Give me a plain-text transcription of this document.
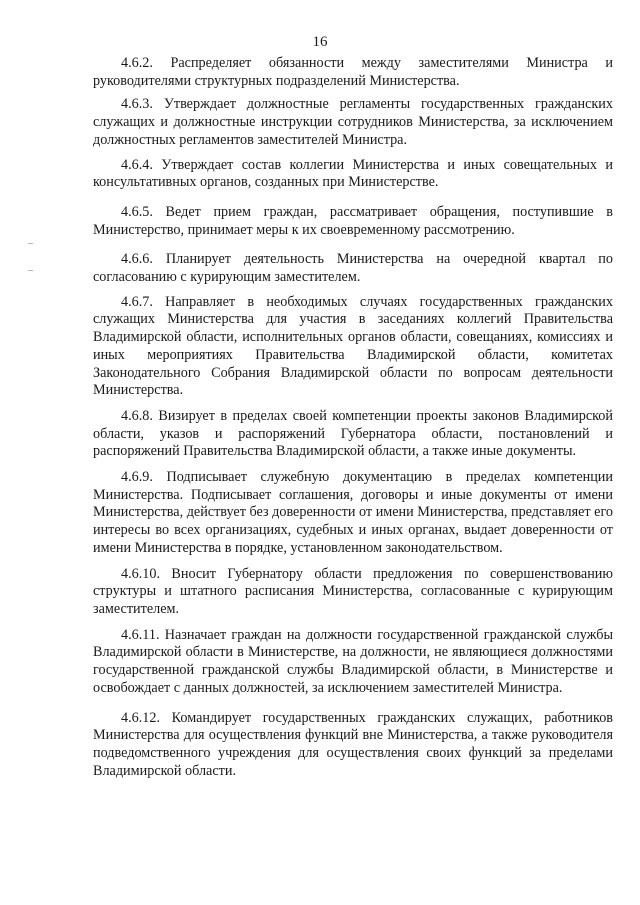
16

4.6.2. Распределяет обязанности между заместителями Министра и руководителями структурных подразделений Министерства.

4.6.3. Утверждает должностные регламенты государственных гражданских служащих и должностные инструкции сотрудников Министерства, за исключением должностных регламентов заместителей Министра.

4.6.4. Утверждает состав коллегии Министерства и иных совещательных и консультативных органов, созданных при Министерстве.

4.6.5. Ведет прием граждан, рассматривает обращения, поступившие в Министерство, принимает меры к их своевременному рассмотрению.

4.6.6. Планирует деятельность Министерства на очередной квартал по согласованию с курирующим заместителем.

4.6.7. Направляет в необходимых случаях государственных гражданских служащих Министерства для участия в заседаниях коллегий Правительства Владимирской области, исполнительных органов области, совещаниях, комиссиях и иных мероприятиях Правительства Владимирской области, комитетах Законодательного Собрания Владимирской области по вопросам деятельности Министерства.

4.6.8. Визирует в пределах своей компетенции проекты законов Владимирской области, указов и распоряжений Губернатора области, постановлений и распоряжений Правительства Владимирской области, а также иные документы.

4.6.9. Подписывает служебную документацию в пределах компетенции Министерства. Подписывает соглашения, договоры и иные документы от имени Министерства, действует без доверенности от имени Министерства, представляет его интересы во всех организациях, судебных и иных органах, выдает доверенности от имени Министерства в порядке, установленном законодательством.

4.6.10. Вносит Губернатору области предложения по совершенствованию структуры и штатного расписания Министерства, согласованные с курирующим заместителем.

4.6.11. Назначает граждан на должности государственной гражданской службы Владимирской области в Министерстве, на должности, не являющиеся должностями государственной гражданской службы Владимирской области, в Министерстве и освобождает с данных должностей, за исключением заместителей Министра.

4.6.12. Командирует государственных гражданских служащих, работников Министерства для осуществления функций вне Министерства, а также руководителя подведомственного учреждения для осуществления своих функций за пределами Владимирской области.
